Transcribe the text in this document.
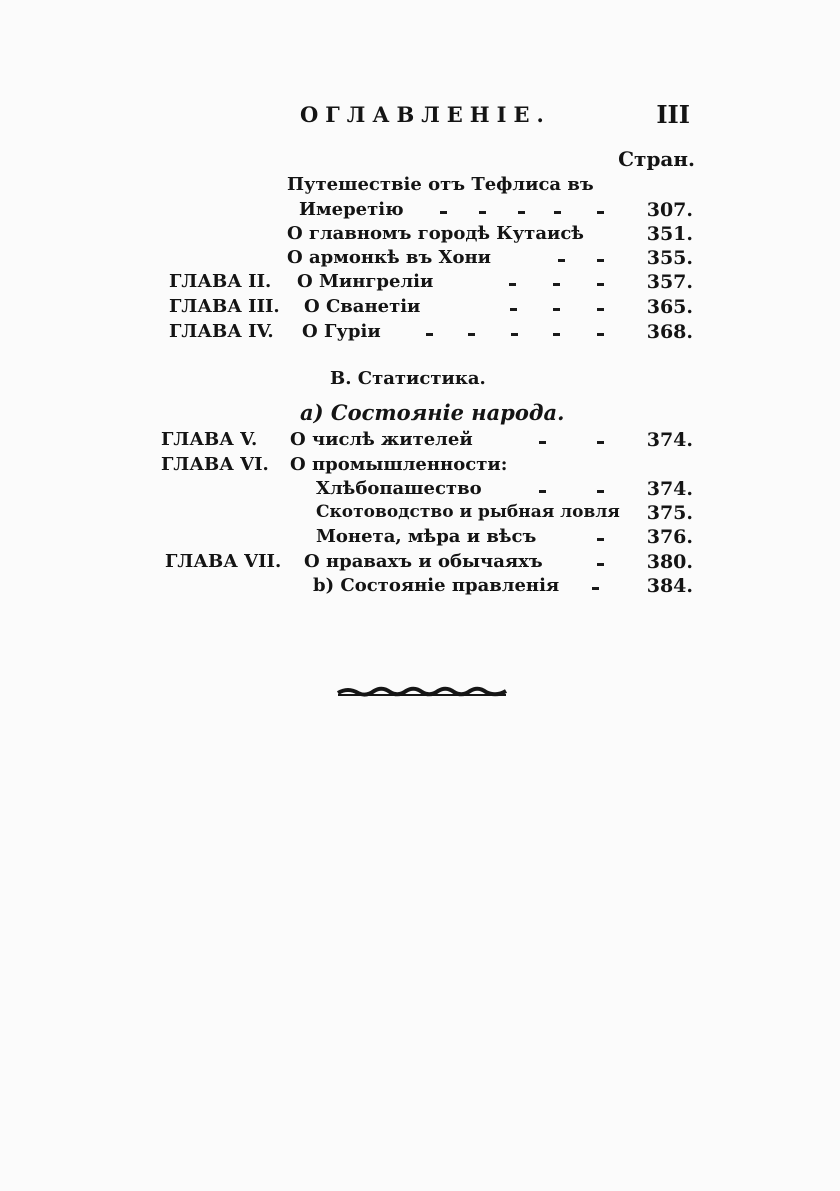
ОГЛАВЛЕНІЕ.	III
Стран.
Путешествіе отъ Тефлиса въ
Имеретію	307.
О главномъ городѣ Кутаисѣ	351.
О армонкѣ въ Хони	355.
ГЛАВА II. О Мингреліи	357.
ГЛАВА III. О Сванетіи	365.
ГЛАВА IV. О Гуріи	368.
В. Статистика.
а) Состояніе народа.
ГЛАВА V. О числѣ жителей	374.
ГЛАВА VI. О промышленности:
Хлѣбопашество	374.
Скотоводство и рыбная ловля 375.
Монета, мѣра и вѣсъ	376.
ГЛАВА VII. О нравахъ и обычаяхъ	380.
b) Состояніе правленія	384.
